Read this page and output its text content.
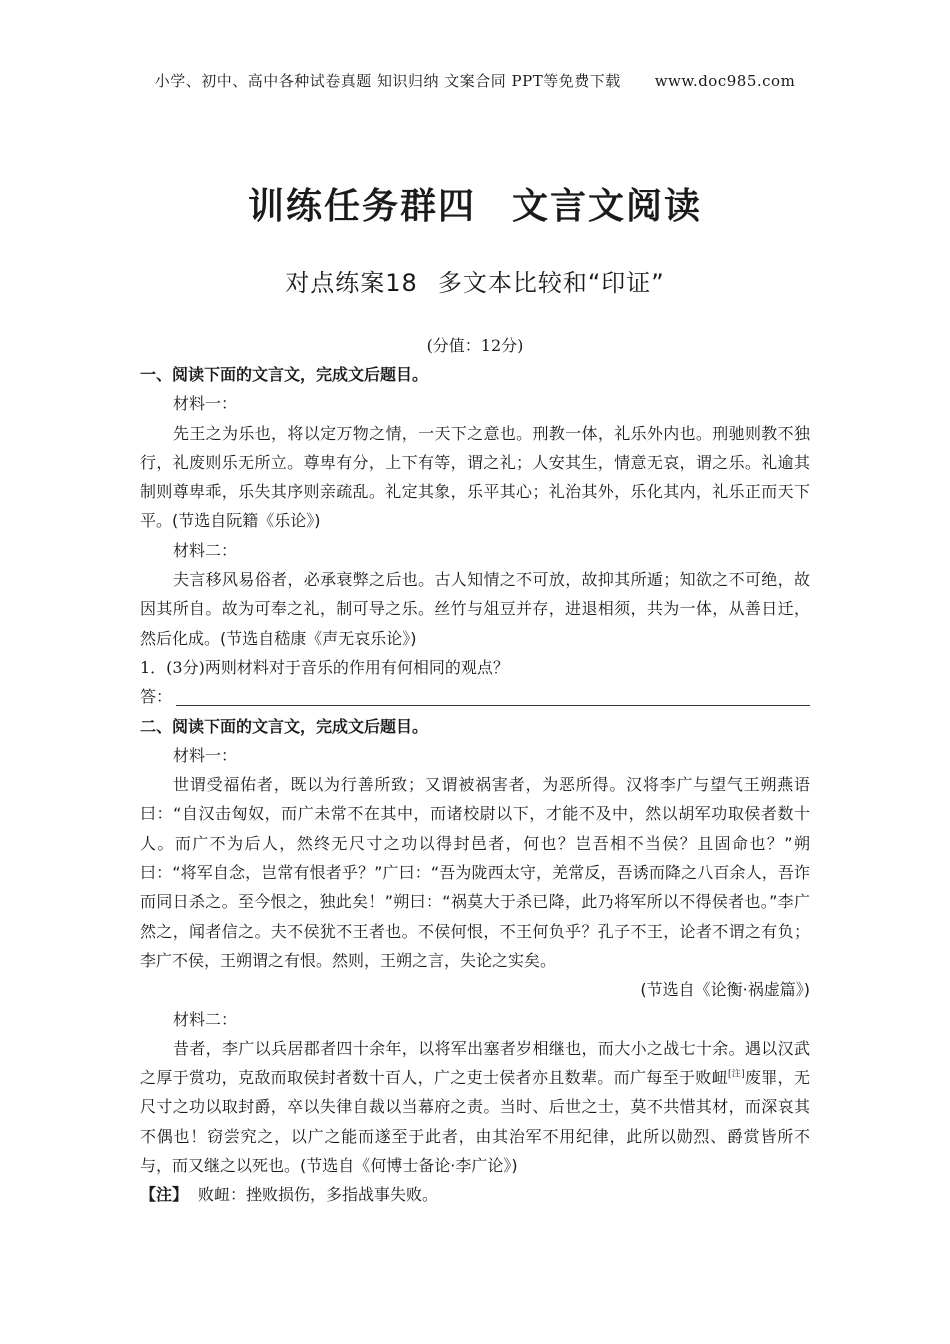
小学、初中、高中各种试卷真题 知识归纳 文案合同 PPT等免费下载 www.doc985.com
训练任务群四 文言文阅读
对点练案18 多文本比较和“印证”
(分值：12分)

一、阅读下面的文言文，完成文后题目。

材料一：

先王之为乐也，将以定万物之情，一天下之意也。刑教一体，礼乐外内也。刑驰则教不独行，礼废则乐无所立。尊卑有分，上下有等，谓之礼；人安其生，情意无哀，谓之乐。礼逾其制则尊卑乖，乐失其序则亲疏乱。礼定其象，乐平其心；礼治其外，乐化其内，礼乐正而天下平。(节选自阮籍《乐论》)

材料二：

夫言移风易俗者，必承衰弊之后也。古人知情之不可放，故抑其所遁；知欲之不可绝，故因其所自。故为可奉之礼，制可导之乐。丝竹与俎豆并存，进退相须，共为一体，从善日迁，然后化成。(节选自嵇康《声无哀乐论》)

1．(3分)两则材料对于音乐的作用有何相同的观点？

答：

二、阅读下面的文言文，完成文后题目。

材料一：

世谓受福佑者，既以为行善所致；又谓被祸害者，为恶所得。汉将李广与望气王朔燕语曰：“自汉击匈奴，而广未常不在其中，而诸校尉以下，才能不及中，然以胡军功取侯者数十人。而广不为后人，然终无尺寸之功以得封邑者，何也？岂吾相不当侯？且固命也？”朔曰：“将军自念，岂常有恨者乎？”广曰：“吾为陇西太守，羌常反，吾诱而降之八百余人，吾诈而同日杀之。至今恨之，独此矣！”朔曰：“祸莫大于杀已降，此乃将军所以不得侯者也。”李广然之，闻者信之。夫不侯犹不王者也。不侯何恨，不王何负乎？孔子不王，论者不谓之有负；李广不侯，王朔谓之有恨。然则，王朔之言，失论之实矣。

(节选自《论衡·祸虚篇》)

材料二：

昔者，李广以兵居郡者四十余年，以将军出塞者岁相继也，而大小之战七十余。遇以汉武之厚于赏功，克敌而取侯封者数十百人，广之吏士侯者亦且数辈。而广每至于败衄[注]废罪，无尺寸之功以取封爵，卒以失律自裁以当幕府之责。当时、后世之士，莫不共惜其材，而深哀其不偶也！窃尝究之，以广之能而遂至于此者，由其治军不用纪律，此所以勋烈、爵赏皆所不与，而又继之以死也。(节选自《何博士备论·李广论》)

【注】 败衄：挫败损伤，多指战事失败。
